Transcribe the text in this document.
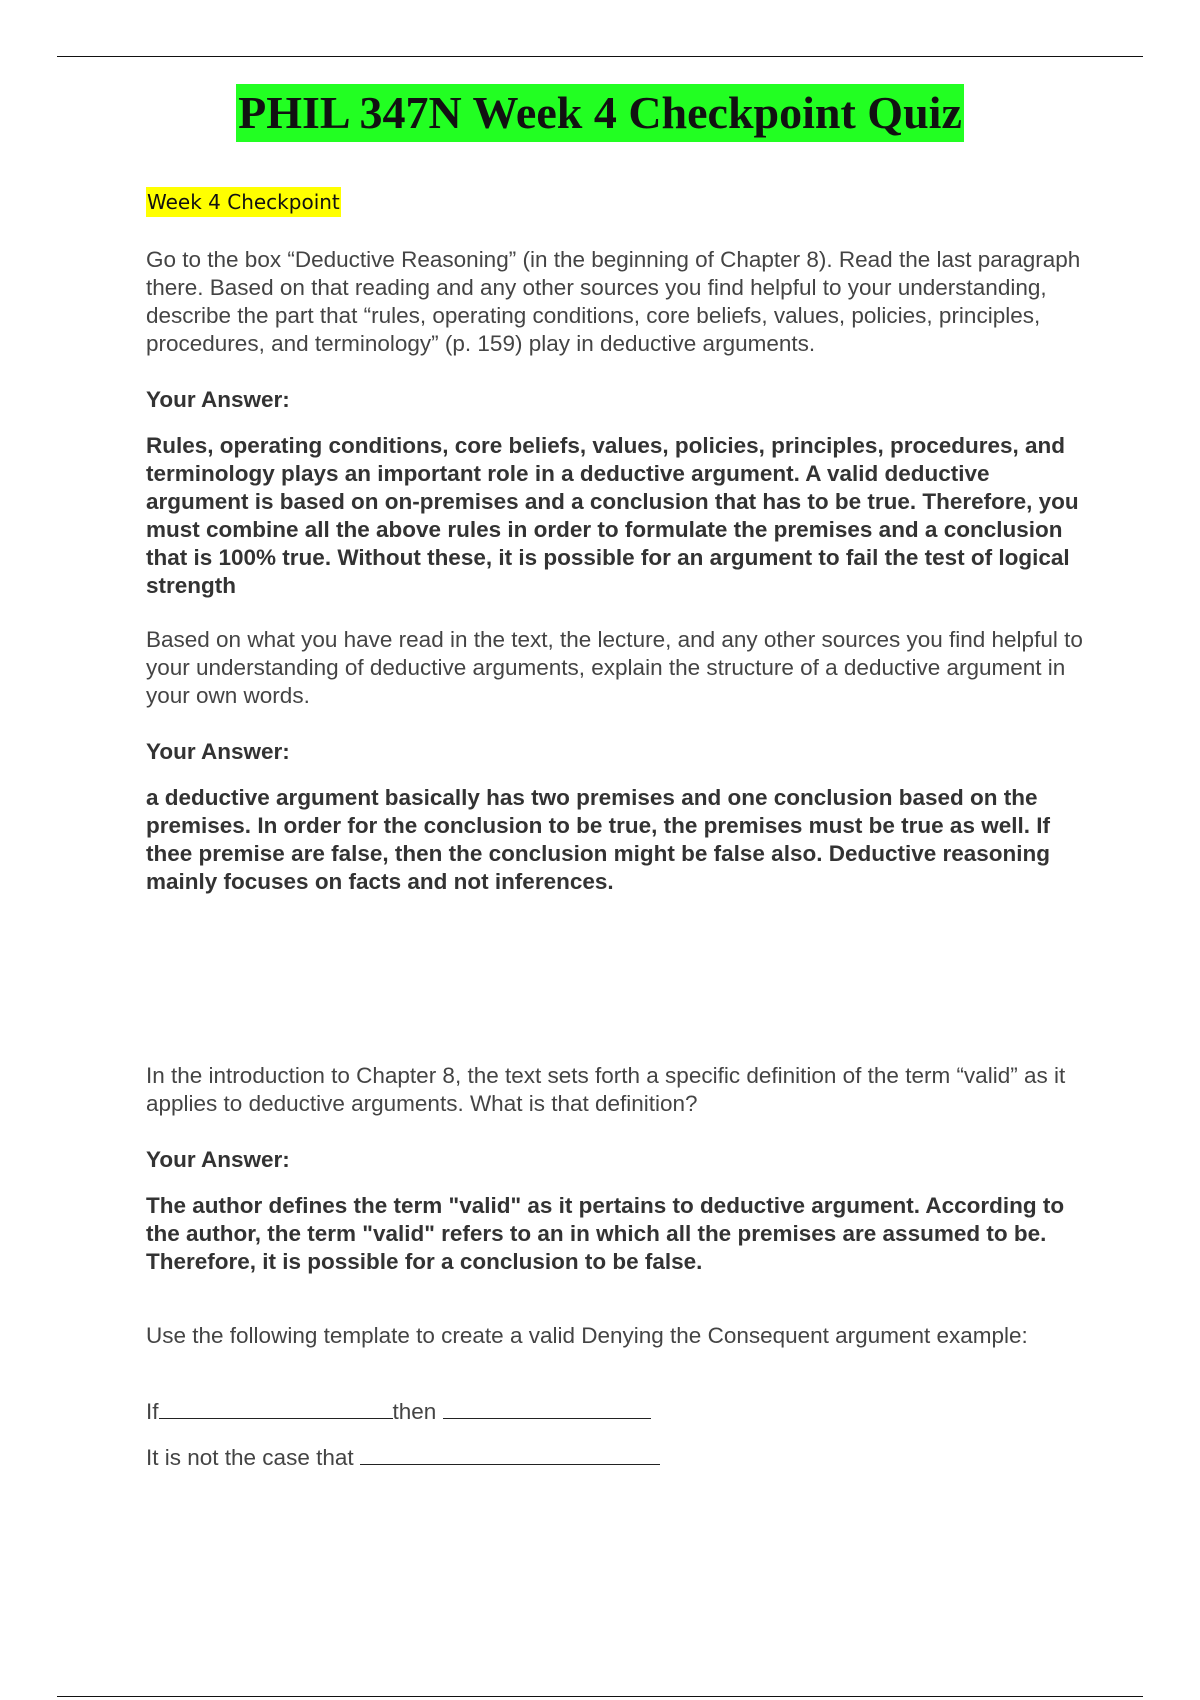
PHIL 347N Week 4 Checkpoint Quiz
Week 4 Checkpoint

Go to the box “Deductive Reasoning” (in the beginning of Chapter 8). Read the last paragraph there. Based on that reading and any other sources you find helpful to your understanding, describe the part that “rules, operating conditions, core beliefs, values, policies, principles, procedures, and terminology” (p. 159) play in deductive arguments.

Your Answer:

Rules, operating conditions, core beliefs, values, policies, principles, procedures, and terminology plays an important role in a deductive argument. A valid deductive argument is based on on-premises and a conclusion that has to be true. Therefore, you must combine all the above rules in order to formulate the premises and a conclusion that is 100% true. Without these, it is possible for an argument to fail the test of logical strength

Based on what you have read in the text, the lecture, and any other sources you find helpful to your understanding of deductive arguments, explain the structure of a deductive argument in your own words.

Your Answer:

a deductive argument basically has two premises and one conclusion based on the premises. In order for the conclusion to be true, the premises must be true as well. If thee premise are false, then the conclusion might be false also. Deductive reasoning mainly focuses on facts and not inferences.

In the introduction to Chapter 8, the text sets forth a specific definition of the term “valid” as it applies to deductive arguments. What is that definition?

Your Answer:

The author defines the term "valid" as it pertains to deductive argument. According to the author, the term "valid" refers to an in which all the premises are assumed to be. Therefore, it is possible for a conclusion to be false.

Use the following template to create a valid Denying the Consequent argument example:

If	then

It is not the case that
